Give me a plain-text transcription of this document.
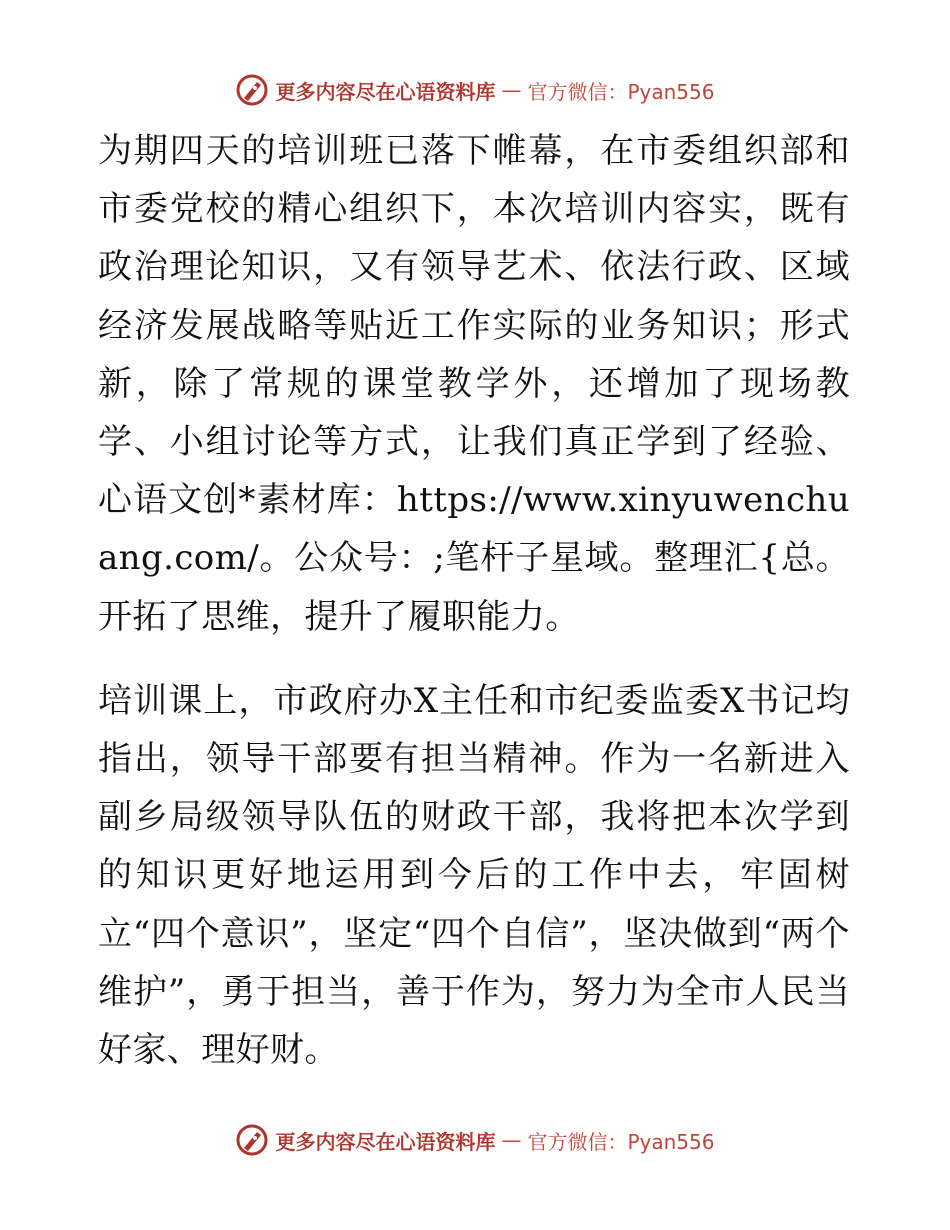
更多内容尽在心语资料库 — 官方微信：Pyan556

为期四天的培训班已落下帷幕，在市委组织部和市委党校的精心组织下，本次培训内容实，既有政治理论知识，又有领导艺术、依法行政、区域经济发展战略等贴近工作实际的业务知识；形式新，除了常规的课堂教学外，还增加了现场教学、小组讨论等方式，让我们真正学到了经验、心语文创*素材库：https://www.xinyuwenchuang.com/。公众号：;笔杆子星域。整理汇{总。开拓了思维，提升了履职能力。

培训课上，市政府办X主任和市纪委监委X书记均指出，领导干部要有担当精神。作为一名新进入副乡局级领导队伍的财政干部，我将把本次学到的知识更好地运用到今后的工作中去，牢固树立“四个意识”，坚定“四个自信”，坚决做到“两个维护”，勇于担当，善于作为，努力为全市人民当好家、理好财。

更多内容尽在心语资料库 — 官方微信：Pyan556
